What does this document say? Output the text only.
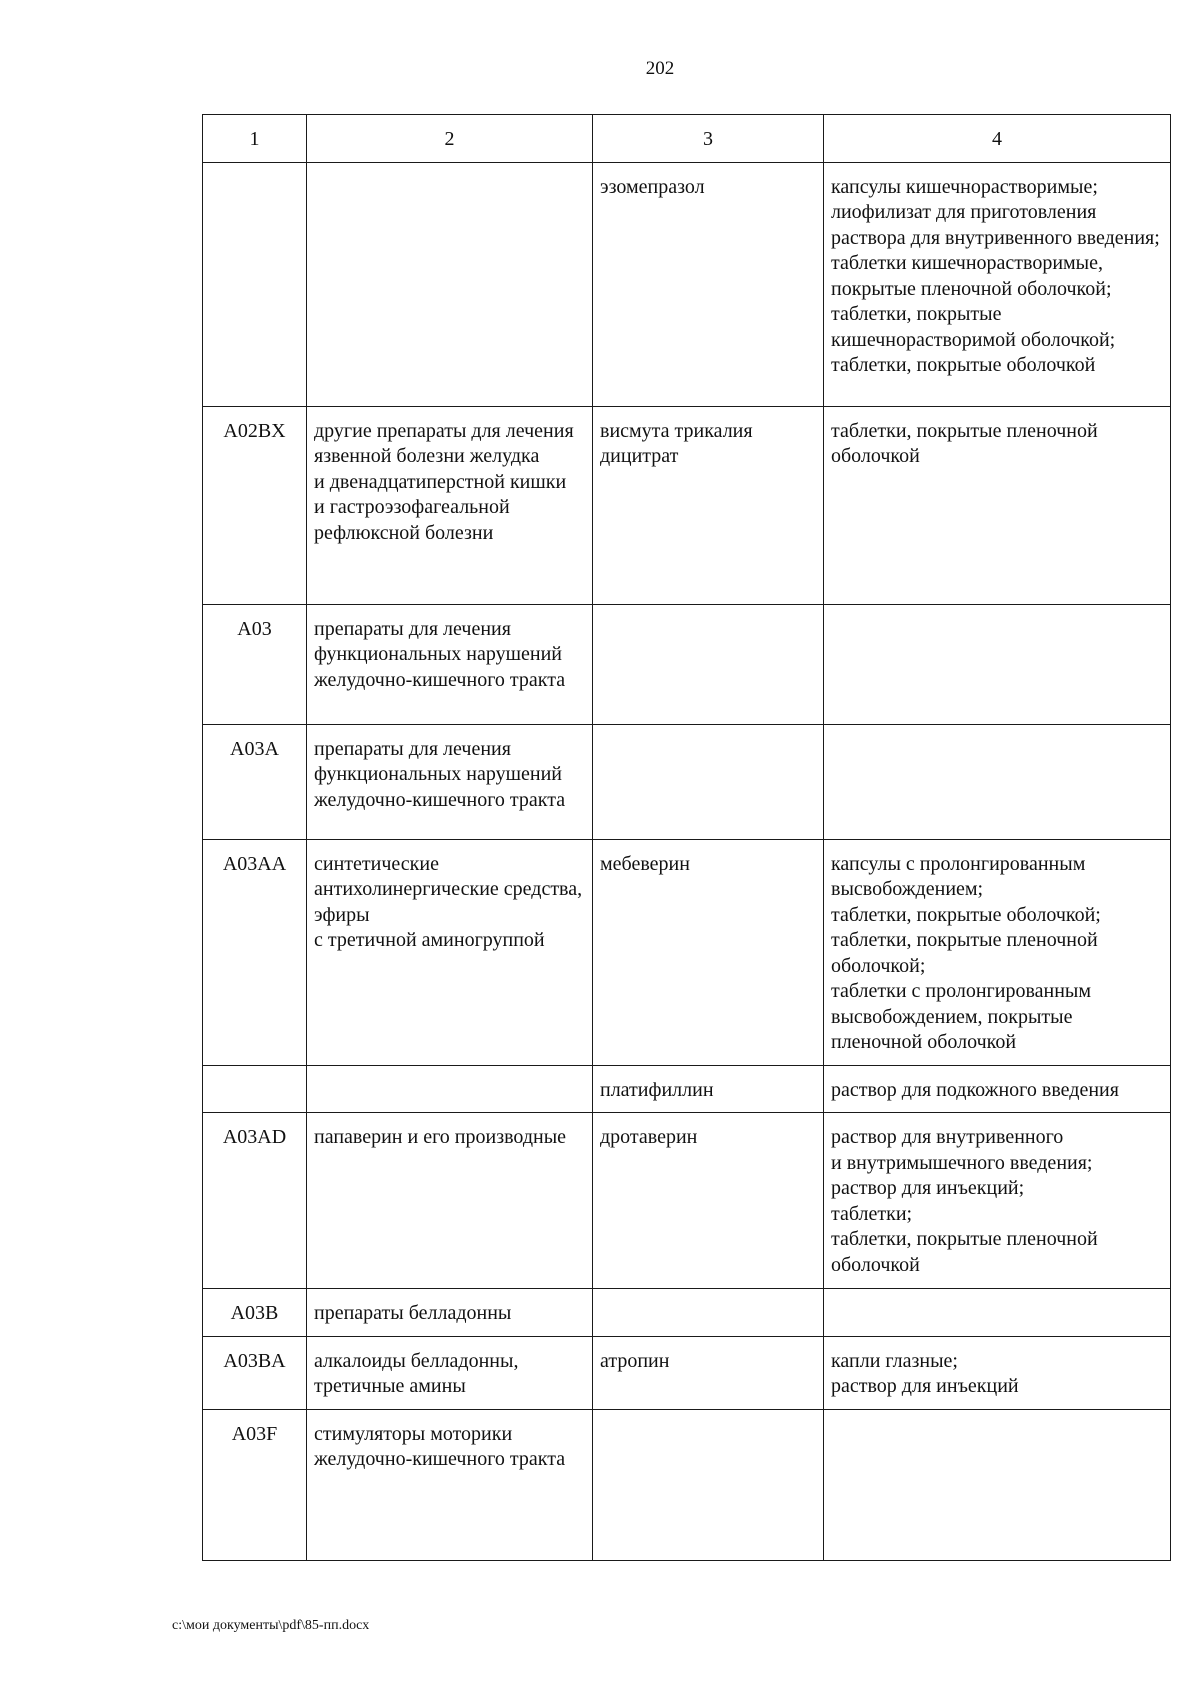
202
1	2	3	4
		эзомепразол	капсулы кишечнорастворимые;
лиофилизат для приготовления раствора для внутривенного введения;
таблетки кишечнорастворимые, покрытые пленочной оболочкой;
таблетки, покрытые кишечнорастворимой оболочкой;
таблетки, покрытые оболочкой
A02BX	другие препараты для лечения язвенной болезни желудка
и двенадцатиперстной кишки
и гастроэзофагеальной рефлюксной болезни	висмута трикалия дицитрат	таблетки, покрытые пленочной оболочкой
A03	препараты для лечения функциональных нарушений желудочно-кишечного тракта		
A03A	препараты для лечения функциональных нарушений желудочно-кишечного тракта		
A03AA	синтетические антихолинергические средства, эфиры
с третичной аминогруппой	мебеверин	капсулы с пролонгированным высвобождением;
таблетки, покрытые оболочкой;
таблетки, покрытые пленочной оболочкой;
таблетки с пролонгированным высвобождением, покрытые пленочной оболочкой
		платифиллин	раствор для подкожного введения
A03AD	папаверин и его производные	дротаверин	раствор для внутривенного
и внутримышечного введения;
раствор для инъекций;
таблетки;
таблетки, покрытые пленочной оболочкой
A03B	препараты белладонны		
A03BA	алкалоиды белладонны, третичные амины	атропин	капли глазные;
раствор для инъекций
A03F	стимуляторы моторики желудочно-кишечного тракта		
c:\мои документы\pdf\85-пп.docx
